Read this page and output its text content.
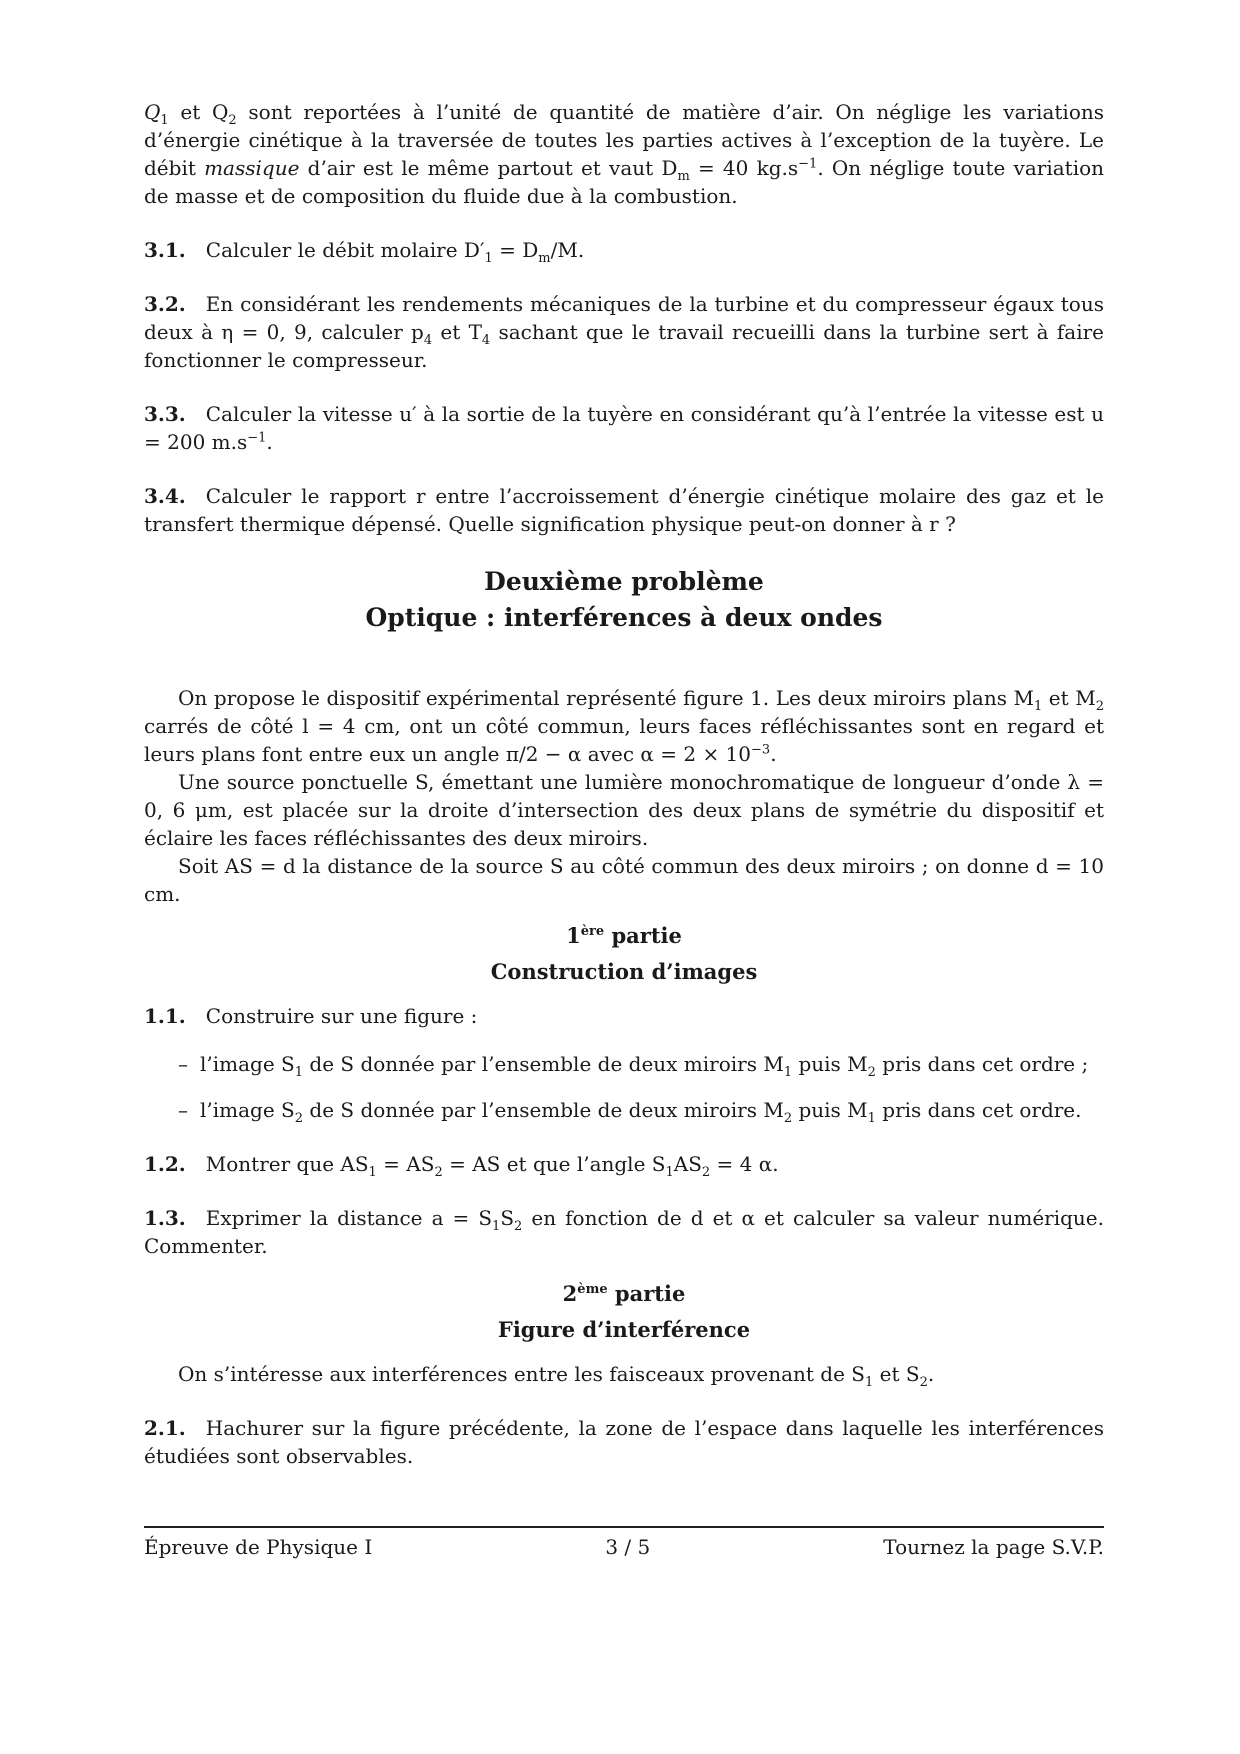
$Q_1$ et $Q_2$ sont reportées à l’unité de quantité de matière d’air. On néglige les variations d’énergie cinétique à la traversée de toutes les parties actives à l’exception de la tuyère. Le débit massique d’air est le même partout et vaut $D_m = 40$ $kg.s^{-1}$. On néglige toute variation de masse et de composition du fluide due à la combustion.

3.1. Calculer le débit molaire $D'_1 = D_m/M$.

3.2. En considérant les rendements mécaniques de la turbine et du compresseur égaux tous deux à η = 0, 9, calculer $p_4$ et $T_4$ sachant que le travail recueilli dans la turbine sert à faire fonctionner le compresseur.

3.3. Calculer la vitesse u′ à la sortie de la tuyère en considérant qu’à l’entrée la vitesse est u = 200 $m.s^{-1}$.

3.4. Calculer le rapport r entre l’accroissement d’énergie cinétique molaire des gaz et le transfert thermique dépensé. Quelle signification physique peut-on donner à r ?

Deuxième problème
Optique : interférences à deux ondes

On propose le dispositif expérimental représenté figure 1. Les deux miroirs plans $M_1$ et $M_2$ carrés de côté l = 4 cm, ont un côté commun, leurs faces réfléchissantes sont en regard et leurs plans font entre eux un angle π/2 − α avec $\alpha = 2 \times 10^{-3}$.

Une source ponctuelle S, émettant une lumière monochromatique de longueur d’onde λ = 0, 6 μm, est placée sur la droite d’intersection des deux plans de symétrie du dispositif et éclaire les faces réfléchissantes des deux miroirs.

Soit AS = d la distance de la source S au côté commun des deux miroirs ; on donne d = 10 cm.

1ère partie
Construction d’images

1.1. Construire sur une figure :

– l’image $S_1$ de S donnée par l’ensemble de deux miroirs $M_1$ puis $M_2$ pris dans cet ordre ;

– l’image $S_2$ de S donnée par l’ensemble de deux miroirs $M_2$ puis $M_1$ pris dans cet ordre.

1.2. Montrer que $AS_1 = AS_2$ = AS et que l’angle $S_1AS_2 = 4$ α.

1.3. Exprimer la distance $a = S_1S_2$ en fonction de d et α et calculer sa valeur numérique. Commenter.

2ème partie
Figure d’interférence

On s’intéresse aux interférences entre les faisceaux provenant de $S_1$ et $S_2$.

2.1. Hachurer sur la figure précédente, la zone de l’espace dans laquelle les interférences étudiées sont observables.

Épreuve de Physique I	3 / 5	Tournez la page S.V.P.
